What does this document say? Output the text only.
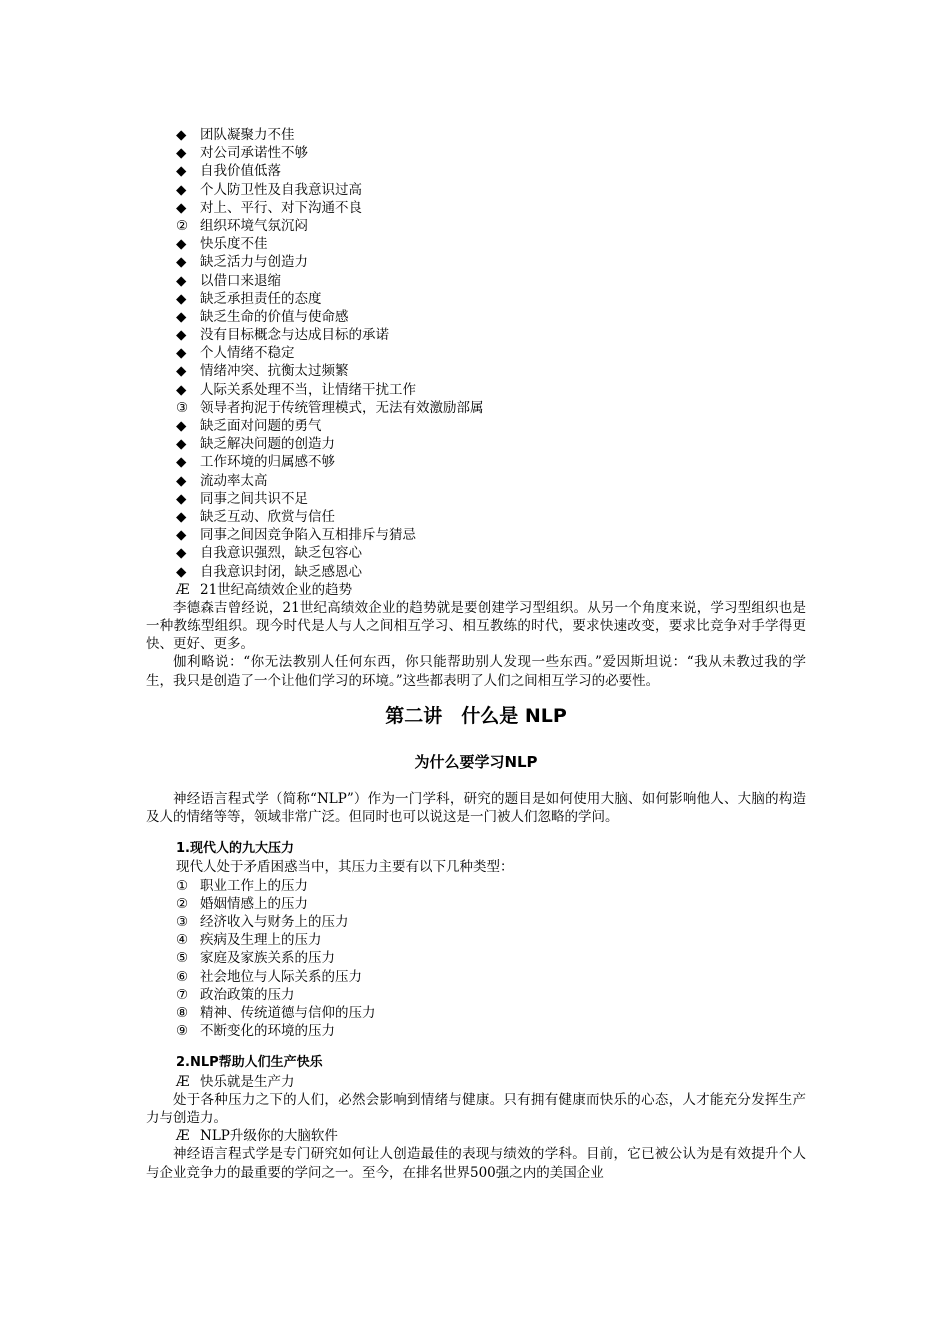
◆	团队凝聚力不佳
◆	对公司承诺性不够
◆	自我价值低落
◆	个人防卫性及自我意识过高
◆	对上、平行、对下沟通不良
② 组织环境气氛沉闷
◆	快乐度不佳
◆	缺乏活力与创造力
◆	以借口来退缩
◆	缺乏承担责任的态度
◆	缺乏生命的价值与使命感
◆	没有目标概念与达成目标的承诺
◆	个人情绪不稳定
◆	情绪冲突、抗衡太过频繁
◆	人际关系处理不当，让情绪干扰工作
③ 领导者拘泥于传统管理模式，无法有效激励部属
◆	缺乏面对问题的勇气
◆	缺乏解决问题的创造力
◆	工作环境的归属感不够
◆	流动率太高
◆	同事之间共识不足
◆	缺乏互动、欣赏与信任
◆	同事之间因竞争陷入互相排斥与猜忌
◆	自我意识强烈，缺乏包容心
◆	自我意识封闭，缺乏感恩心
Æ 21世纪高绩效企业的趋势

李德森吉曾经说，21世纪高绩效企业的趋势就是要创建学习型组织。从另一个角度来说，学习型组织也是一种教练型组织。现今时代是人与人之间相互学习、相互教练的时代，要求快速改变，要求比竞争对手学得更快、更好、更多。

伽利略说：“你无法教别人任何东西，你只能帮助别人发现一些东西。”爱因斯坦说：“我从未教过我的学生，我只是创造了一个让他们学习的环境。”这些都表明了人们之间相互学习的必要性。

第二讲　什么是 NLP
为什么要学习NLP

神经语言程式学（简称“NLP”）作为一门学科，研究的题目是如何使用大脑、如何影响他人、大脑的构造及人的情绪等等，领域非常广泛。但同时也可以说这是一门被人们忽略的学问。

1.现代人的九大压力
现代人处于矛盾困惑当中，其压力主要有以下几种类型：
① 职业工作上的压力
② 婚姻情感上的压力
③ 经济收入与财务上的压力
④ 疾病及生理上的压力
⑤ 家庭及家族关系的压力
⑥ 社会地位与人际关系的压力
⑦ 政治政策的压力
⑧ 精神、传统道德与信仰的压力
⑨ 不断变化的环境的压力
2.NLP帮助人们生产快乐
Æ 快乐就是生产力

处于各种压力之下的人们，必然会影响到情绪与健康。只有拥有健康而快乐的心态，人才能充分发挥生产力与创造力。

Æ NLP升级你的大脑软件

神经语言程式学是专门研究如何让人创造最佳的表现与绩效的学科。目前，它已被公认为是有效提升个人与企业竞争力的最重要的学问之一。至今，在排名世界500强之内的美国企业
